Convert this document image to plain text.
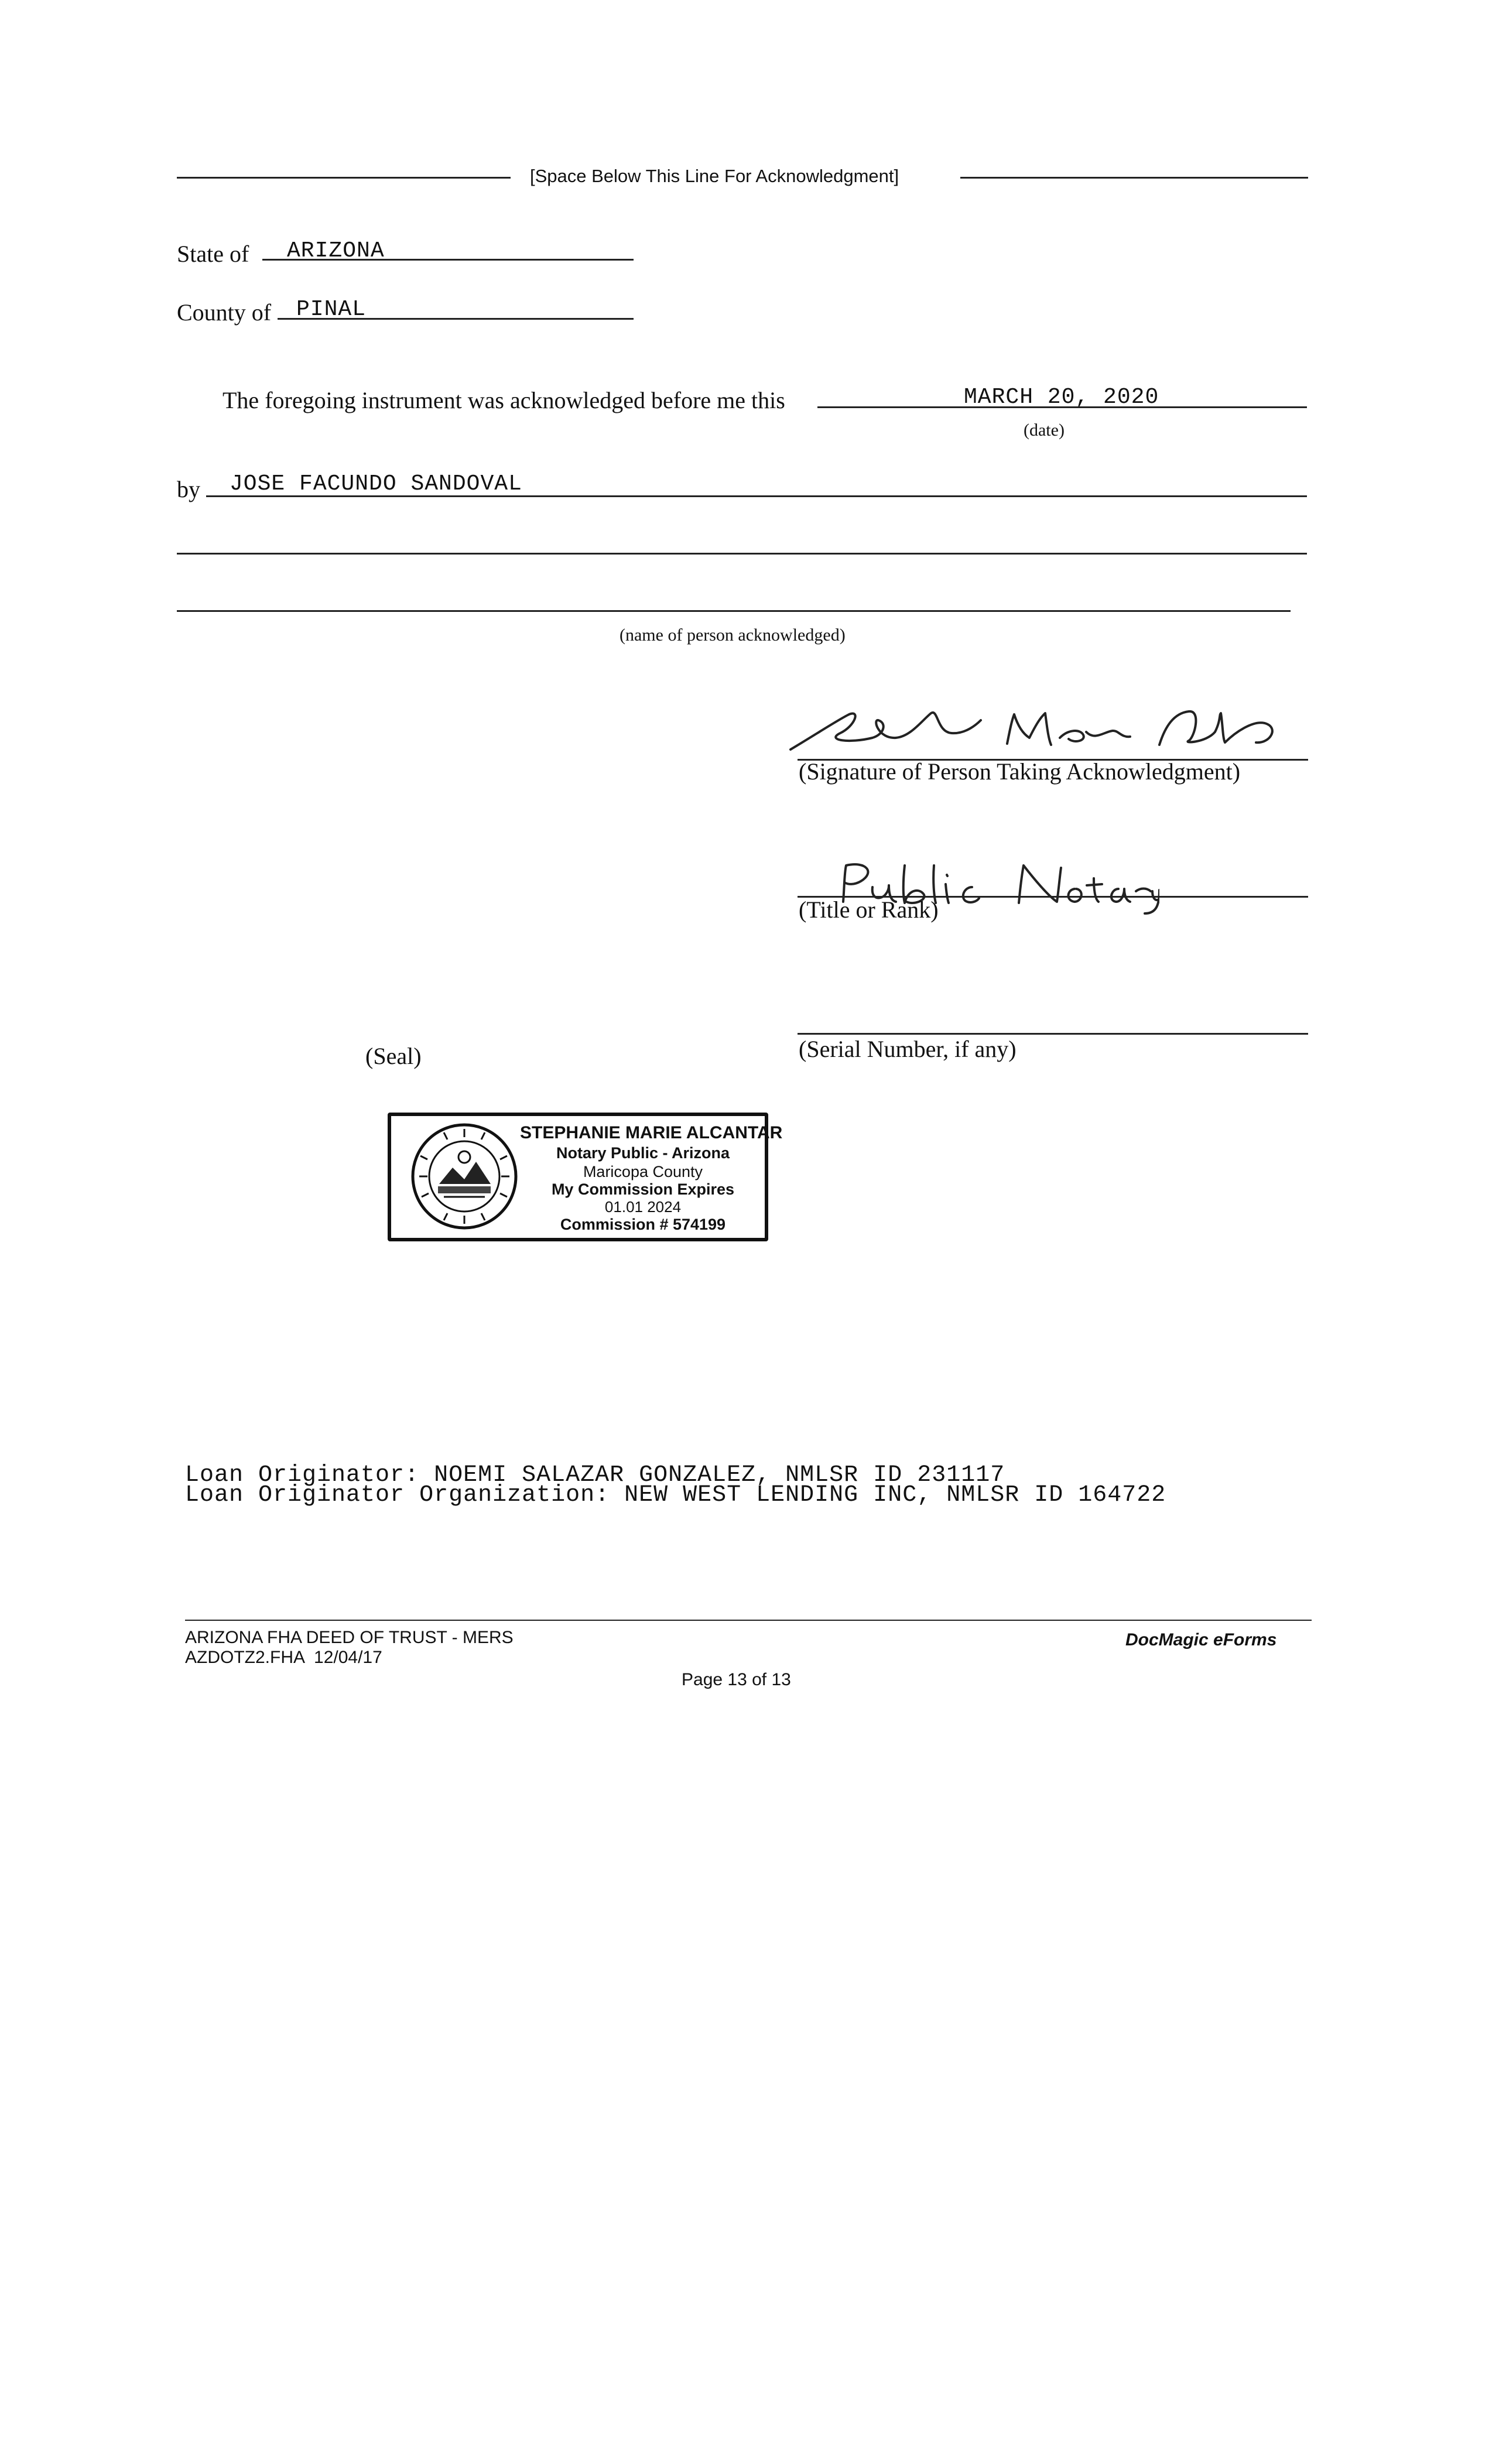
[Space Below This Line For Acknowledgment]
State of ARIZONA
County of PINAL
The foregoing instrument was acknowledged before me this	MARCH 20, 2020
(date)
by JOSE FACUNDO SANDOVAL
(name of person acknowledged)
(Signature of Person Taking Acknowledgment)
(Title or Rank)
(Serial Number, if any)
(Seal)
STEPHANIE MARIE ALCANTAR
Notary Public - Arizona
Maricopa County
My Commission Expires
01.01 2024
Commission # 574199
Loan Originator: NOEMI SALAZAR GONZALEZ, NMLSR ID 231117
Loan Originator Organization: NEW WEST LENDING INC, NMLSR ID 164722
ARIZONA FHA DEED OF TRUST - MERS
AZDOTZ2.FHA  12/04/17
DocMagic eForms
Page 13 of 13
